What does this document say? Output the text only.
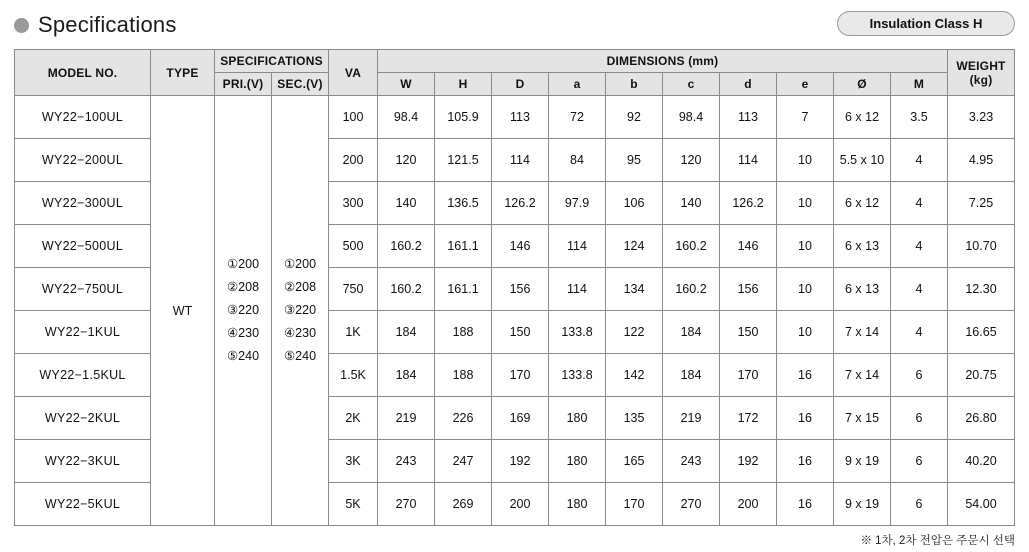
Specifications	Insulation Class H
MODEL NO.	TYPE	SPECIFICATIONS		VA	DIMENSIONS (mm)										WEIGHT
(kg)

		PRI.(V)	SEC.(V)		W	H	D	a	b	c	d	e	Ø	M	
WY22−100UL	WT	①200
②208
③220
④230
⑤240	①200
②208
③220
④230
⑤240	100	98.4	105.9	113	72	92	98.4	113	7	6 x 12	3.5	3.23
WY22−200UL				200	120	121.5	114	84	95	120	114	10	5.5 x 10	4	4.95
WY22−300UL				300	140	136.5	126.2	97.9	106	140	126.2	10	6 x 12	4	7.25
WY22−500UL				500	160.2	161.1	146	114	124	160.2	146	10	6 x 13	4	10.70
WY22−750UL				750	160.2	161.1	156	114	134	160.2	156	10	6 x 13	4	12.30
WY22−1KUL				1K	184	188	150	133.8	122	184	150	10	7 x 14	4	16.65
WY22−1.5KUL				1.5K	184	188	170	133.8	142	184	170	16	7 x 14	6	20.75
WY22−2KUL				2K	219	226	169	180	135	219	172	16	7 x 15	6	26.80
WY22−3KUL				3K	243	247	192	180	165	243	192	16	9 x 19	6	40.20
WY22−5KUL				5K	270	269	200	180	170	270	200	16	9 x 19	6	54.00
※ 1차, 2차 전압은 주문시 선택
